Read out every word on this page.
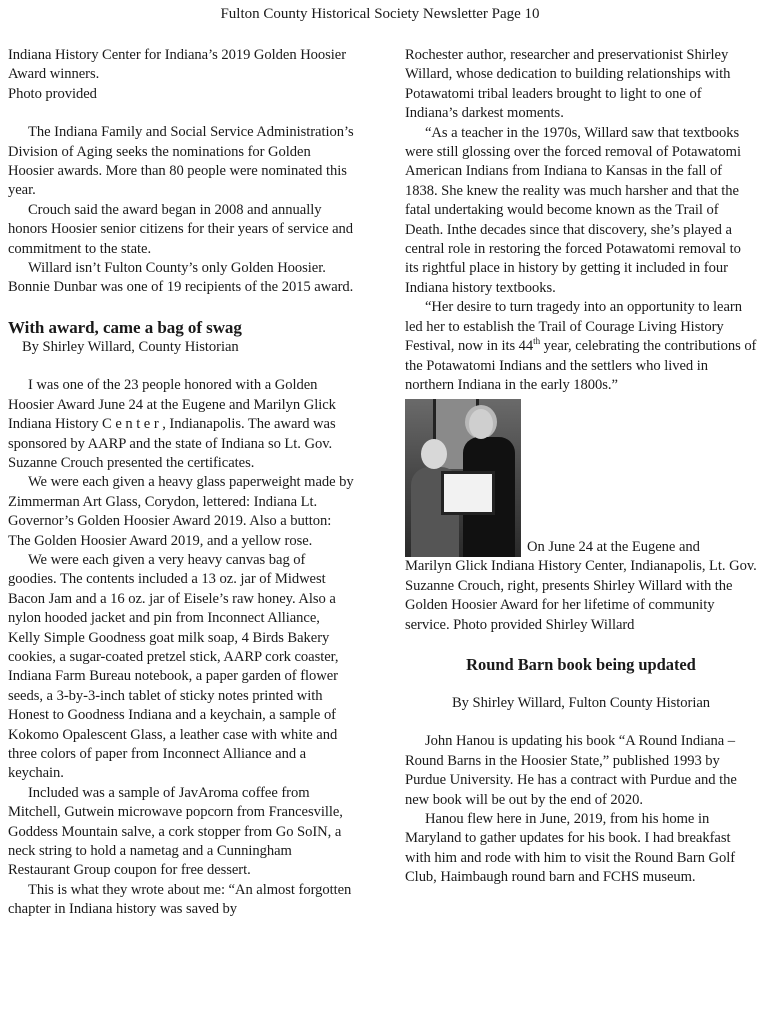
Fulton County Historical Society Newsletter Page 10

Indiana History Center for Indiana’s 2019 Golden Hoosier Award winners.

Photo provided

The Indiana Family and Social Service Administration’s Division of Aging seeks the nominations for Golden Hoosier awards. More than 80 people were nominated this year.

Crouch said the award began in 2008 and annually honors Hoosier senior citizens for their years of service and commitment to the state.

Willard isn’t Fulton County’s only Golden Hoosier. Bonnie Dunbar was one of 19 recipients of the 2015 award.

With award, came a bag of swag

By Shirley Willard, County Historian

I was one of the 23 people honored with a Golden Hoosier Award June 24 at the Eugene and Marilyn Glick Indiana History C e n t e r , Indianapolis. The award was sponsored by AARP and the state of Indiana so Lt. Gov. Suzanne Crouch presented the certificates.

We were each given a heavy glass paperweight made by Zimmerman Art Glass, Corydon, lettered: Indiana Lt. Governor’s Golden Hoosier Award 2019. Also a button: The Golden Hoosier Award 2019, and a yellow rose.

We were each given a very heavy canvas bag of goodies. The contents included a 13 oz. jar of Midwest Bacon Jam and a 16 oz. jar of Eisele’s raw honey. Also a nylon hooded jacket and pin from Inconnect Alliance, Kelly Simple Goodness goat milk soap, 4 Birds Bakery cookies, a sugar-coated pretzel stick, AARP cork coaster, Indiana Farm Bureau notebook, a paper garden of flower seeds, a 3-by-3-inch tablet of sticky notes printed with Honest to Goodness Indiana and a keychain, a sample of Kokomo Opalescent Glass, a leather case with white and three colors of paper from Inconnect Alliance and a keychain.

Included was a sample of JavAroma coffee from Mitchell, Gutwein microwave popcorn from Francesville, Goddess Mountain salve, a cork stopper from Go SoIN, a neck string to hold a nametag and a Cunningham Restaurant Group coupon for free dessert.

This is what they wrote about me: “An almost forgotten chapter in Indiana history was saved by

Rochester author, researcher and preservationist Shirley Willard, whose dedication to building relationships with Potawatomi tribal leaders brought to light to one of Indiana’s darkest moments.

“As a teacher in the 1970s, Willard saw that textbooks were still glossing over the forced removal of Potawatomi American Indians from Indiana to Kansas in the fall of 1838. She knew the reality was much harsher and that the fatal undertaking would become known as the Trail of Death. Inthe decades since that discovery, she’s played a central role in restoring the forced Potawatomi removal to its rightful place in history by getting it included in four Indiana history textbooks.

“Her desire to turn tragedy into an opportunity to learn led her to establish the Trail of Courage Living History Festival, now in its 44th year, celebrating the contributions of the Potawatomi Indians and the settlers who lived in northern Indiana in the early 1800s.”

On June 24 at the Eugene and

Marilyn Glick Indiana History Center, Indianapolis, Lt. Gov. Suzanne Crouch, right, presents Shirley Willard with the Golden Hoosier Award for her lifetime of community service. Photo provided Shirley Willard

Round Barn book being updated

By Shirley Willard, Fulton County Historian

John Hanou is updating his book “A Round Indiana – Round Barns in the Hoosier State,” published 1993 by Purdue University. He has a contract with Purdue and the new book will be out by the end of 2020.

Hanou flew here in June, 2019, from his home in Maryland to gather updates for his book. I had breakfast with him and rode with him to visit the Round Barn Golf Club, Haimbaugh round barn and FCHS museum.
